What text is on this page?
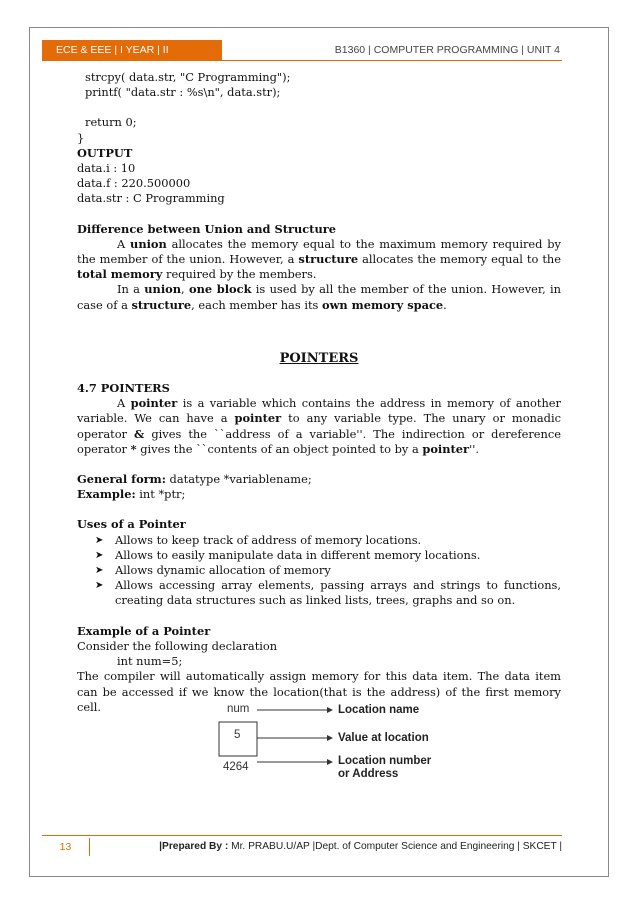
ECE & EEE | I YEAR | II SEMESTER
B1360 | COMPUTER PROGRAMMING | UNIT 4

strcpy( data.str, "C Programming");

printf( "data.str : %s\n", data.str);

return 0;

}

OUTPUT

data.i : 10

data.f : 220.500000

data.str : C Programming

Difference between Union and Structure

A union allocates the memory equal to the maximum memory required by the member of the union. However, a structure allocates the memory equal to the total memory required by the members.

In a union, one block is used by all the member of the union. However, in case of a structure, each member has its own memory space.

POINTERS

4.7 POINTERS

A pointer is a variable which contains the address in memory of another variable. We can have a pointer to any variable type. The unary or monadic operator & gives the ``address of a variable''. The indirection or dereference operator * gives the ``contents of an object pointed to by a pointer''.

General form: datatype *variablename;

Example: int *ptr;

Uses of a Pointer

➤ Allows to keep track of address of memory locations.
➤ Allows to easily manipulate data in different memory locations.
➤ Allows dynamic allocation of memory
➤ Allows accessing array elements, passing arrays and strings to functions, creating data structures such as linked lists, trees, graphs and so on.

Example of a Pointer

Consider the following declaration

int num=5;

The compiler will automatically assign memory for this data item. The data item can be accessed if we know the location(that is the address) of the first memory cell.	num
5
4264
Location name
Value at location
Location number
or Address
13	|Prepared By : Mr. PRABU.U/AP |Dept. of Computer Science and Engineering | SKCET |
